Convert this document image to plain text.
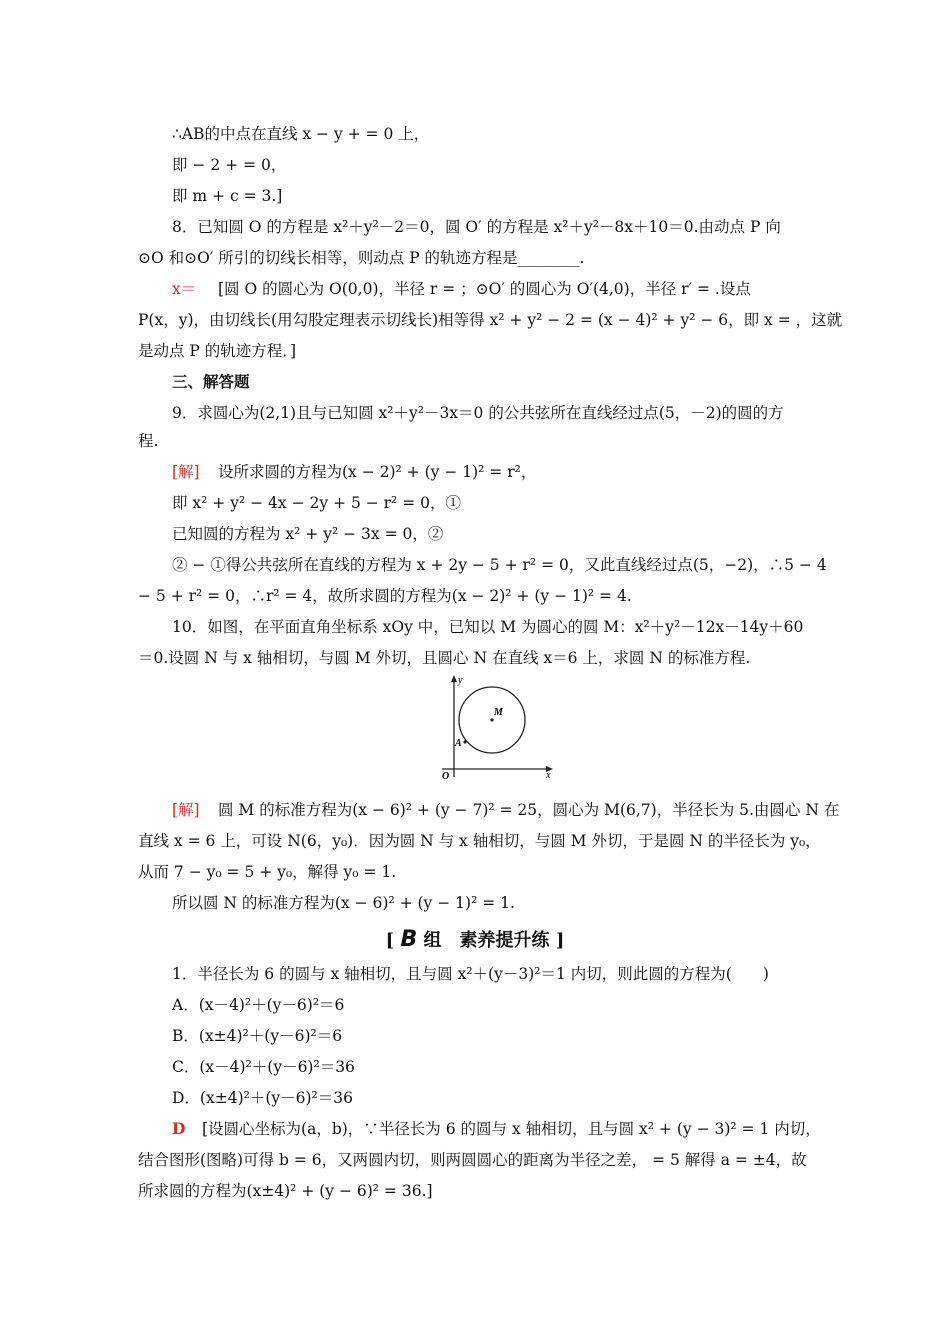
∴AB的中点在直线 x − y + = 0 上，
即 − 2 + = 0，
即 m + c = 3.]
8．已知圆 O 的方程是 x²＋y²－2＝0，圆 O′ 的方程是 x²＋y²－8x＋10＝0.由动点 P 向
⊙O 和⊙O′ 所引的切线长相等，则动点 P 的轨迹方程是________.
x＝	[圆 O 的圆心为 O(0,0)，半径 r = ；⊙O′ 的圆心为 O′(4,0)，半径 r′ = .设点
P(x，y)，由切线长(用勾股定理表示切线长)相等得 x² + y² − 2 = (x − 4)² + y² − 6，即 x = ，这就
是动点 P 的轨迹方程．]
三、解答题
9．求圆心为(2,1)且与已知圆 x²＋y²－3x＝0 的公共弦所在直线经过点(5，－2)的圆的方
程.
[解]	设所求圆的方程为(x − 2)² + (y − 1)² = r²，
即 x² + y² − 4x − 2y + 5 − r² = 0，①
已知圆的方程为 x² + y² − 3x = 0，②
② − ①得公共弦所在直线的方程为 x + 2y − 5 + r² = 0，又此直线经过点(5，−2)，∴5 − 4
− 5 + r² = 0，∴r² = 4，故所求圆的方程为(x − 2)² + (y − 1)² = 4.
10．如图，在平面直角坐标系 xOy 中，已知以 M 为圆心的圆 M：x²＋y²－12x－14y＋60
＝0.设圆 N 与 x 轴相切，与圆 M 外切，且圆心 N 在直线 x＝6 上，求圆 N 的标准方程.
y
x
O
M
A
[解]	圆 M 的标准方程为(x − 6)² + (y − 7)² = 25，圆心为 M(6,7)，半径长为 5.由圆心 N 在
直线 x = 6 上，可设 N(6，y₀)．因为圆 N 与 x 轴相切，与圆 M 外切，于是圆 N 的半径长为 y₀，
从而 7 − y₀ = 5 + y₀，解得 y₀ = 1.
所以圆 N 的标准方程为(x − 6)² + (y − 1)² = 1.
[ B 组　素养提升练 ]
1．半径长为 6 的圆与 x 轴相切，且与圆 x²＋(y－3)²＝1 内切，则此圆的方程为(　　)
A．(x－4)²＋(y－6)²＝6
B．(x±4)²＋(y－6)²＝6
C．(x－4)²＋(y－6)²＝36
D．(x±4)²＋(y－6)²＝36
D	[设圆心坐标为(a，b)，∵半径长为 6 的圆与 x 轴相切，且与圆 x² + (y − 3)² = 1 内切，
结合图形(图略)可得 b = 6，又两圆内切，则两圆圆心的距离为半径之差， = 5 解得 a = ±4，故
所求圆的方程为(x±4)² + (y − 6)² = 36.]
